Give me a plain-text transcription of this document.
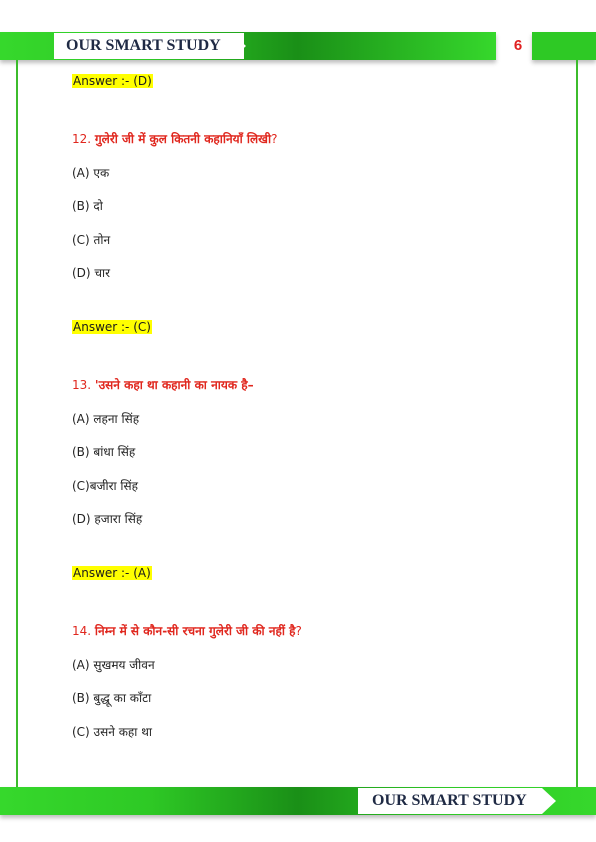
OUR SMART STUDY	6
Answer :- (D)
12. गुलेरी जी में कुल कितनी कहानियाँ लिखी?
(A) एक
(B) दो
(C) तोन
(D) चार
Answer :- (C)
13. 'उसने कहा था कहानी का नायक है–
(A) लहना सिंह
(B) बांधा सिंह
(C)बजीरा सिंह
(D) हजारा सिंह
Answer :- (A)
14. निम्न में से कौन-सी रचना गुलेरी जी की नहीं है?
(A) सुखमय जीवन
(B) बुद्धू का काँटा
(C) उसने कहा था
OUR SMART STUDY
